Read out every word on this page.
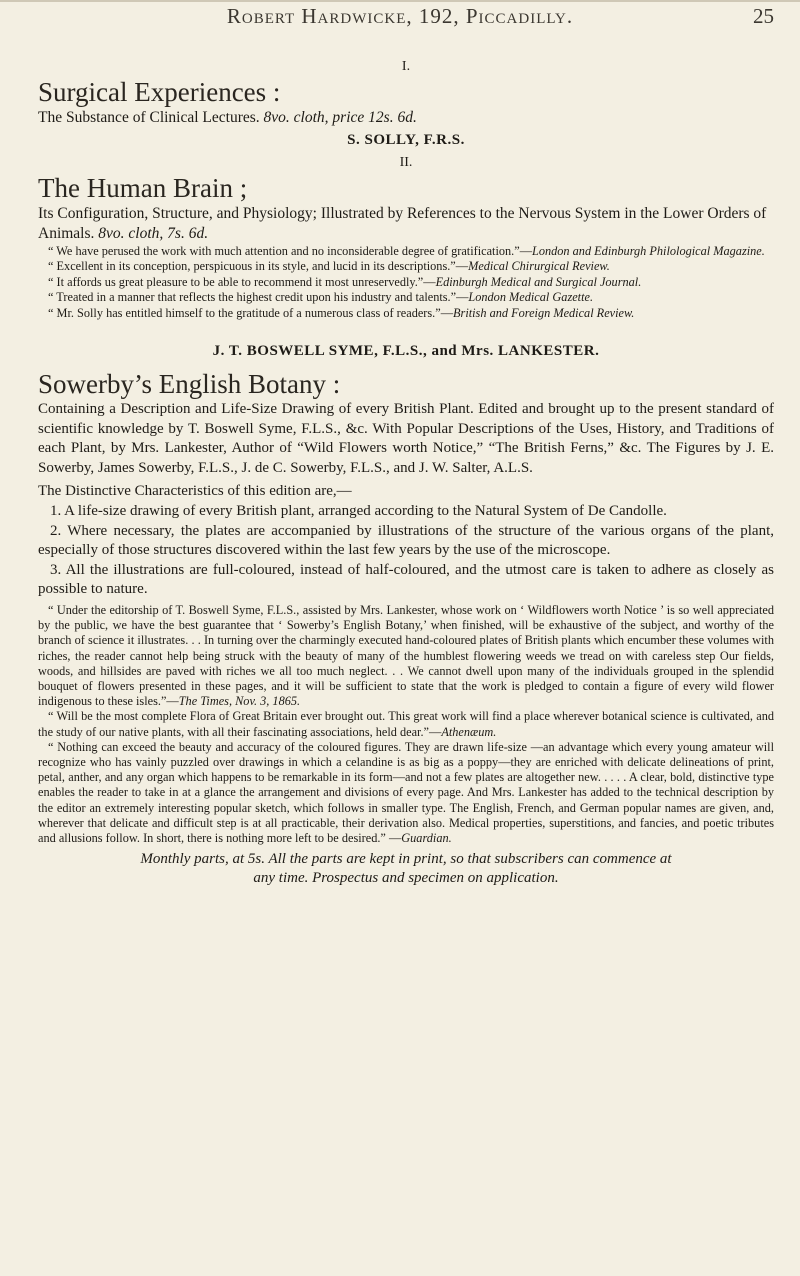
Robert Hardwicke, 192, Piccadilly.	25

I.

Surgical Experiences :

The Substance of Clinical Lectures. 8vo. cloth, price 12s. 6d.

S. SOLLY, F.R.S.

II.

The Human Brain ;

Its Configuration, Structure, and Physiology; Illustrated by References to the Nervous System in the Lower Orders of Animals. 8vo. cloth, 7s. 6d.

“ We have perused the work with much attention and no inconsiderable degree of gratification.”—London and Edinburgh Philological Magazine.

“ Excellent in its conception, perspicuous in its style, and lucid in its descriptions.”—Medical Chirurgical Review.

“ It affords us great pleasure to be able to recommend it most unreservedly.”—Edinburgh Medical and Surgical Journal.

“ Treated in a manner that reflects the highest credit upon his industry and talents.”—London Medical Gazette.

“ Mr. Solly has entitled himself to the gratitude of a numerous class of readers.”—British and Foreign Medical Review.

J. T. BOSWELL SYME, F.L.S., and Mrs. LANKESTER.

Sowerby’s English Botany :

Containing a Description and Life-Size Drawing of every British Plant. Edited and brought up to the present standard of scientific knowledge by T. Boswell Syme, F.L.S., &c. With Popular Descriptions of the Uses, History, and Traditions of each Plant, by Mrs. Lankester, Author of “Wild Flowers worth Notice,” “The British Ferns,” &c. The Figures by J. E. Sowerby, James Sowerby, F.L.S., J. de C. Sowerby, F.L.S., and J. W. Salter, A.L.S.

The Distinctive Characteristics of this edition are,—

1. A life-size drawing of every British plant, arranged according to the Natural System of De Candolle.

2. Where necessary, the plates are accompanied by illustrations of the structure of the various organs of the plant, especially of those structures discovered within the last few years by the use of the microscope.

3. All the illustrations are full-coloured, instead of half-coloured, and the utmost care is taken to adhere as closely as possible to nature.

“ Under the editorship of T. Boswell Syme, F.L.S., assisted by Mrs. Lankester, whose work on ‘ Wildflowers worth Notice ’ is so well appreciated by the public, we have the best guarantee that ‘ Sowerby’s English Botany,’ when finished, will be exhaustive of the subject, and worthy of the branch of science it illustrates. . . In turning over the charmingly executed hand-coloured plates of British plants which encumber these volumes with riches, the reader cannot help being struck with the beauty of many of the humblest flowering weeds we tread on with careless step Our fields, woods, and hillsides are paved with riches we all too much neglect. . . We cannot dwell upon many of the individuals grouped in the splendid bouquet of flowers presented in these pages, and it will be sufficient to state that the work is pledged to contain a figure of every wild flower indigenous to these isles.”—The Times, Nov. 3, 1865.

“ Will be the most complete Flora of Great Britain ever brought out. This great work will find a place wherever botanical science is cultivated, and the study of our native plants, with all their fascinating associations, held dear.”—Athenæum.

“ Nothing can exceed the beauty and accuracy of the coloured figures. They are drawn life-size —an advantage which every young amateur will recognize who has vainly puzzled over drawings in which a celandine is as big as a poppy—they are enriched with delicate delineations of print, petal, anther, and any organ which happens to be remarkable in its form—and not a few plates are altogether new. . . . . A clear, bold, distinctive type enables the reader to take in at a glance the arrangement and divisions of every page. And Mrs. Lankester has added to the technical description by the editor an extremely interesting popular sketch, which follows in smaller type. The English, French, and German popular names are given, and, wherever that delicate and difficult step is at all practicable, their derivation also. Medical properties, superstitions, and fancies, and poetic tributes and allusions follow. In short, there is nothing more left to be desired.” —Guardian.

Monthly parts, at 5s. All the parts are kept in print, so that subscribers can commence at

any time. Prospectus and specimen on application.
